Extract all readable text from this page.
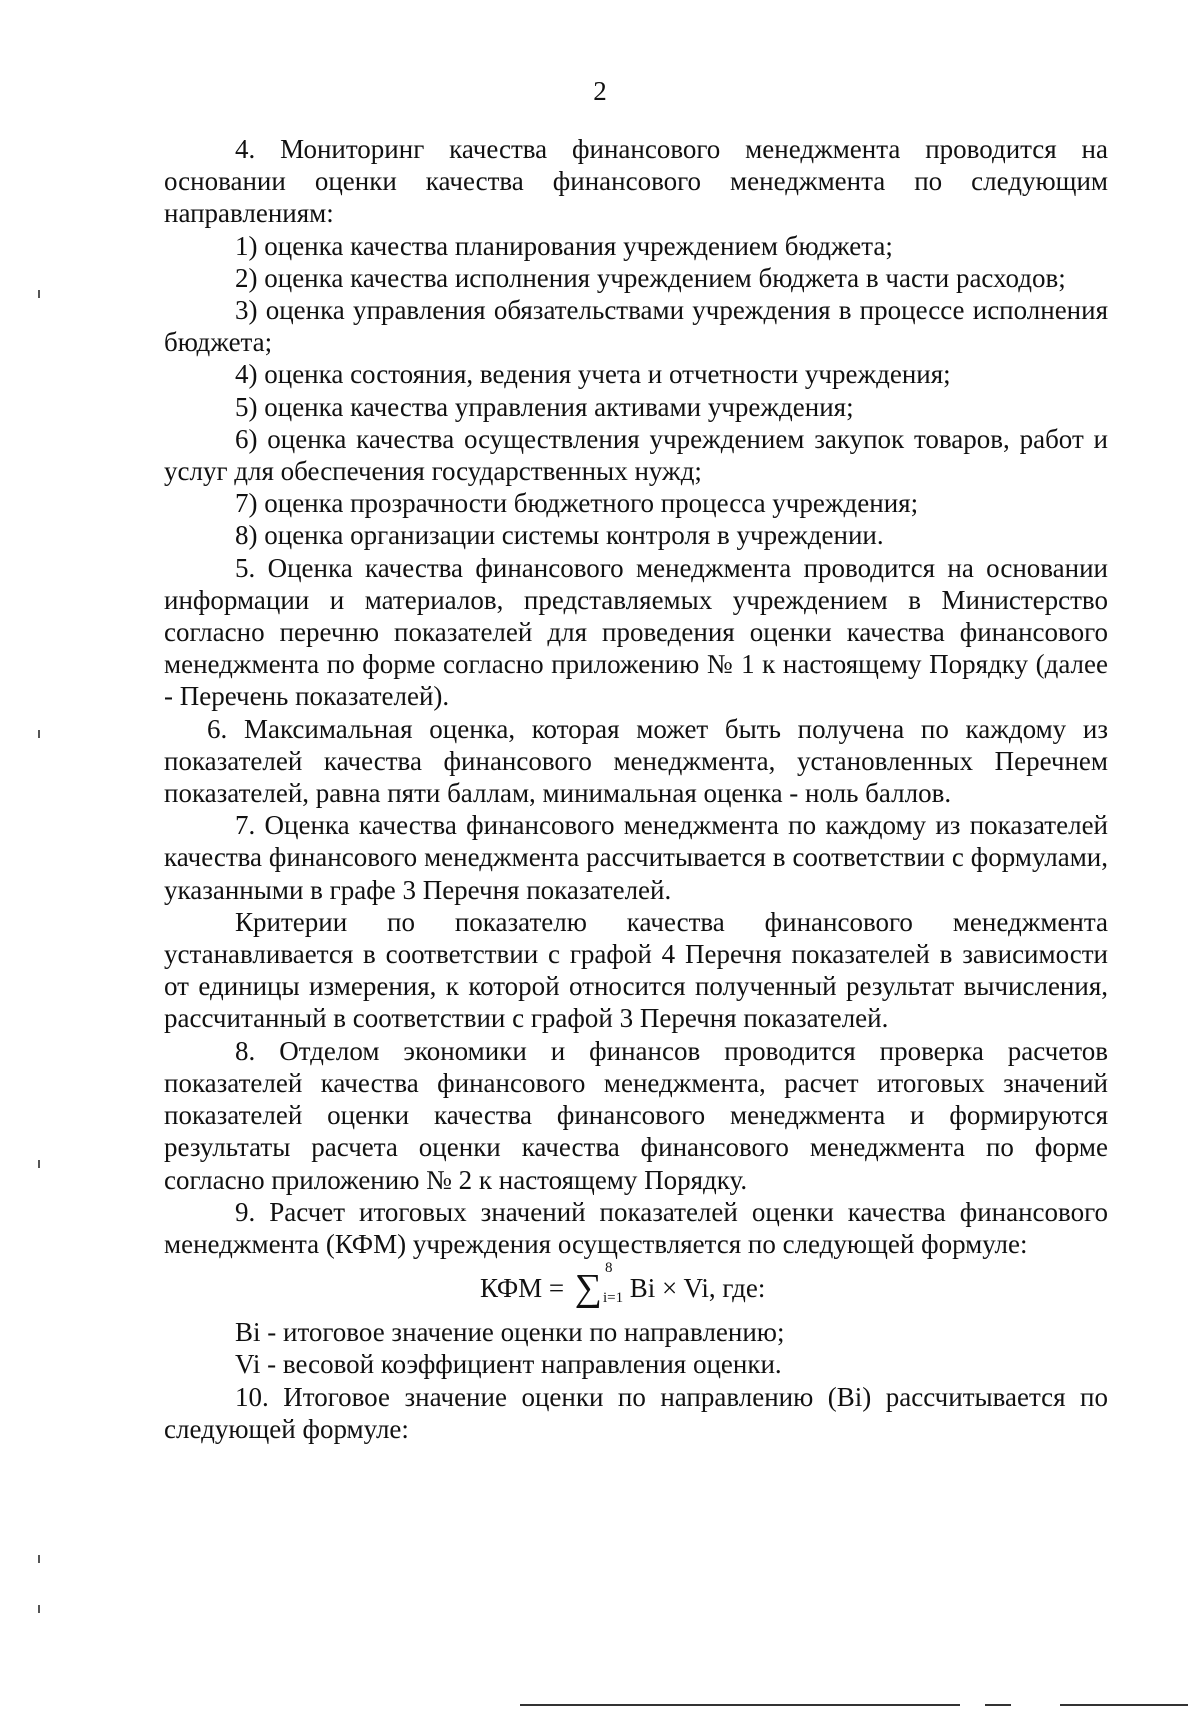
2

4. Мониторинг качества финансового менеджмента проводится на основании оценки качества финансового менеджмента по следующим направлениям:

1) оценка качества планирования учреждением бюджета;

2) оценка качества исполнения учреждением бюджета в части расходов;

3) оценка управления обязательствами учреждения в процессе исполнения бюджета;

4) оценка состояния, ведения учета и отчетности учреждения;

5) оценка качества управления активами учреждения;

6) оценка качества осуществления учреждением закупок товаров, работ и услуг для обеспечения государственных нужд;

7) оценка прозрачности бюджетного процесса учреждения;

8) оценка организации системы контроля в учреждении.

5. Оценка качества финансового менеджмента проводится на основании информации и материалов, представляемых учреждением в Министерство согласно перечню показателей для проведения оценки качества финансового менеджмента по форме согласно приложению № 1 к настоящему Порядку (далее - Перечень показателей).

6. Максимальная оценка, которая может быть получена по каждому из показателей качества финансового менеджмента, установленных Перечнем показателей, равна пяти баллам, минимальная оценка - ноль баллов.

7. Оценка качества финансового менеджмента по каждому из показателей качества финансового менеджмента рассчитывается в соответствии с формулами, указанными в графе 3 Перечня показателей.

Критерии по показателю качества финансового менеджмента устанавливается в соответствии с графой 4 Перечня показателей в зависимости от единицы измерения, к которой относится полученный результат вычисления, рассчитанный в соответствии с графой 3 Перечня показателей.

8. Отделом экономики и финансов проводится проверка расчетов показателей качества финансового менеджмента, расчет итоговых значений показателей оценки качества финансового менеджмента и формируются результаты расчета оценки качества финансового менеджмента по форме согласно приложению № 2 к настоящему Порядку.

9. Расчет итоговых значений показателей оценки качества финансового менеджмента (КФМ) учреждения осуществляется по следующей формуле:

КФМ = ∑ 8
i=1 Bi × Vi, где:

Bi - итоговое значение оценки по направлению;

Vi - весовой коэффициент направления оценки.

10. Итоговое значение оценки по направлению (Bi) рассчитывается по следующей формуле:
